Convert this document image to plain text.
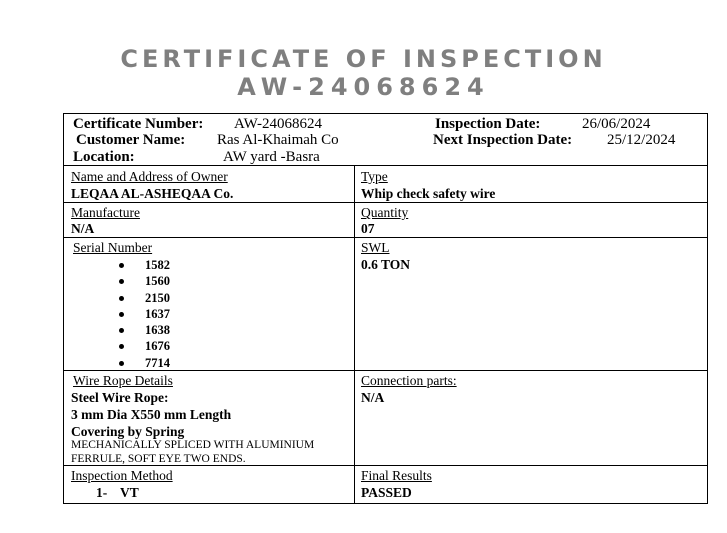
CERTIFICATE OF INSPECTION
AW-24068624
Certificate Number: AW-24068624
Customer Name: Ras Al-Khaimah Co
Location:	AW yard -Basra
Inspection Date:	26/06/2024
Next Inspection Date: 25/12/2024
Name and Address of Owner
LEQAA AL-ASHEQAA Co.
Type
Whip check safety wire
Manufacture
N/A
Quantity
07
Serial Number
1582
1560
2150
1637
1638
1676
7714
SWL
0.6 TON
Wire Rope Details
Steel Wire Rope:
3 mm Dia X550 mm Length
Covering by Spring
MECHANICALLY SPLICED WITH ALUMINIUM
FERRULE, SOFT EYE TWO ENDS.
Connection parts:
N/A
Inspection Method
1- VT
Final Results
PASSED
